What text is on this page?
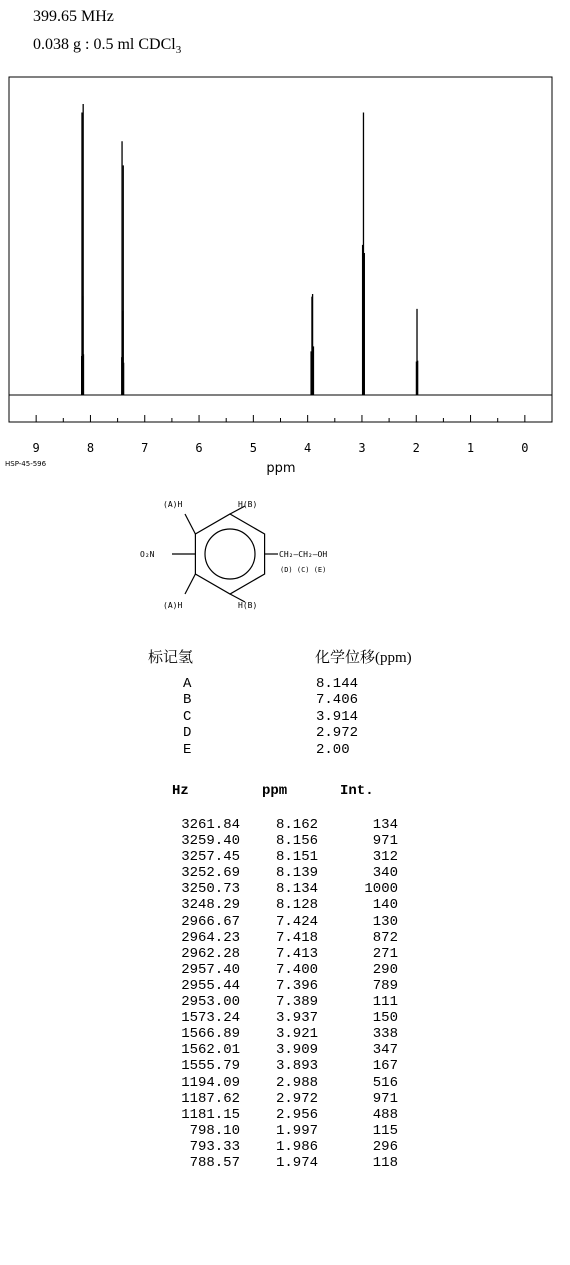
399.65 MHz
0.038 g : 0.5 ml CDCl$_3$
9	8	7	6	5	4	3	2	1	0
ppm
HSP-45-596
(A)H	H(B)
(A)H	H(B)
O₂N	CH₂—CH₂—OH
(D) (C) (E)
标记氢	化学位移(ppm)
A	8.144
B	7.406
C	3.914
D	2.972
E	2.00
Hz	ppm	Int.
3261.84	8.162	134
3259.40	8.156	971
3257.45	8.151	312
3252.69	8.139	340
3250.73	8.134	1000
3248.29	8.128	140
2966.67	7.424	130
2964.23	7.418	872
2962.28	7.413	271
2957.40	7.400	290
2955.44	7.396	789
2953.00	7.389	111
1573.24	3.937	150
1566.89	3.921	338
1562.01	3.909	347
1555.79	3.893	167
1194.09	2.988	516
1187.62	2.972	971
1181.15	2.956	488
798.10	1.997	115
793.33	1.986	296
788.57	1.974	118
